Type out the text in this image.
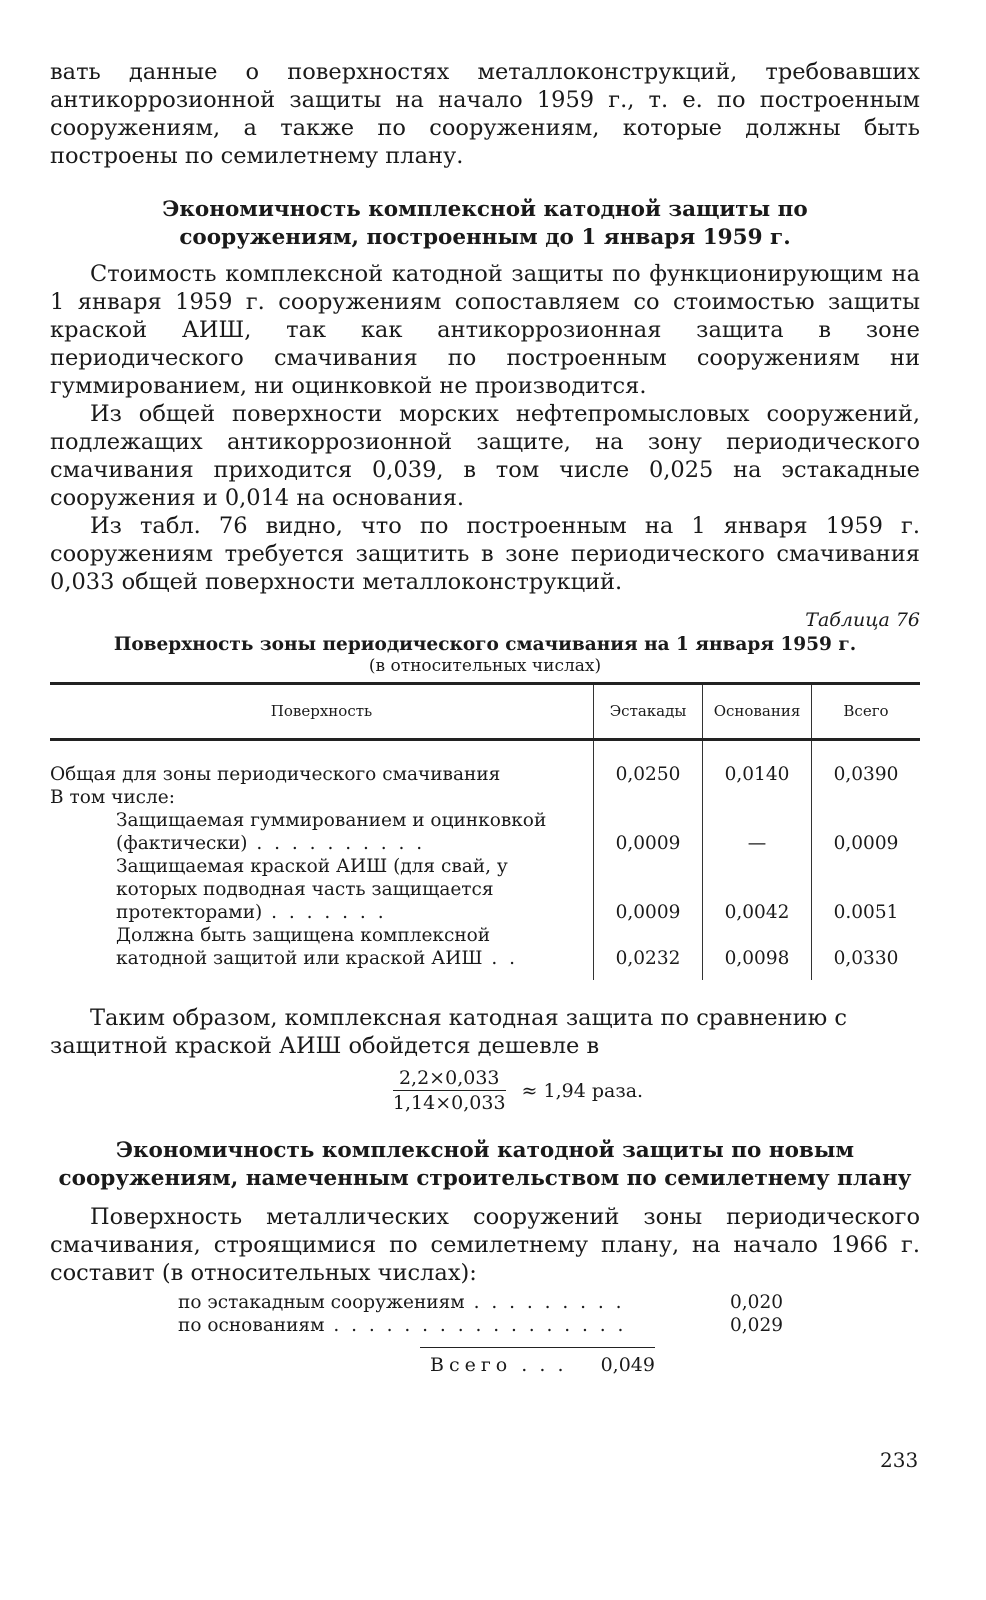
вать данные о поверхностях металлоконструкций, требовавших антикоррозионной защиты на начало 1959 г., т. е. по построенным сооружениям, а также по сооружениям, которые должны быть построены по семилетнему плану.

Экономичность комплексной катодной защиты по сооружениям, построенным до 1 января 1959 г.

Стоимость комплексной катодной защиты по функционирующим на 1 января 1959 г. сооружениям сопоставляем со стоимостью защиты краской АИШ, так как антикоррозионная защита в зоне периодического смачивания по построенным сооружениям ни гуммированием, ни оцинковкой не производится.

Из общей поверхности морских нефтепромысловых сооружений, подлежащих антикоррозионной защите, на зону периодического смачивания приходится 0,039, в том числе 0,025 на эстакадные сооружения и 0,014 на основания.

Из табл. 76 видно, что по построенным на 1 января 1959 г. сооружениям требуется защитить в зоне периодического смачивания 0,033 общей поверхности металлоконструкций.

Таблица 76

Поверхность зоны периодического смачивания на 1 января 1959 г.

(в относительных числах)

Поверхность	Эстакады	Основания	Всего
Общая для зоны периодического смачивания	0,0250	0,0140	0,0390
В том числе:			
Защищаемая гуммированием и оцинковкой (фактически) . . . . . . . . . .	0,0009	—	0,0009
Защищаемая краской АИШ (для свай, у которых подводная часть защищается протекторами) . . . . . . .	0,0009	0,0042	0.0051
Должна быть защищена комплексной катодной защитой или краской АИШ . .	0,0232	0,0098	0,0330

Таким образом, комплексная катодная защита по сравнению с защитной краской АИШ обойдется дешевле в

$\frac{2,2\times 0,033}{1,14\times 0,033} \approx 1,94$ раза.

Экономичность комплексной катодной защиты по новым сооружениям, намеченным строительством по семилетнему плану

Поверхность металлических сооружений зоны периодического смачивания, строящимися по семилетнему плану, на начало 1966 г. составит (в относительных числах):

по эстакадным сооружениям . . . . . . . . .	0,020
по основаниям . . . . . . . . . . . . . . . . .	0,029
Всего . . . 0,049
233
